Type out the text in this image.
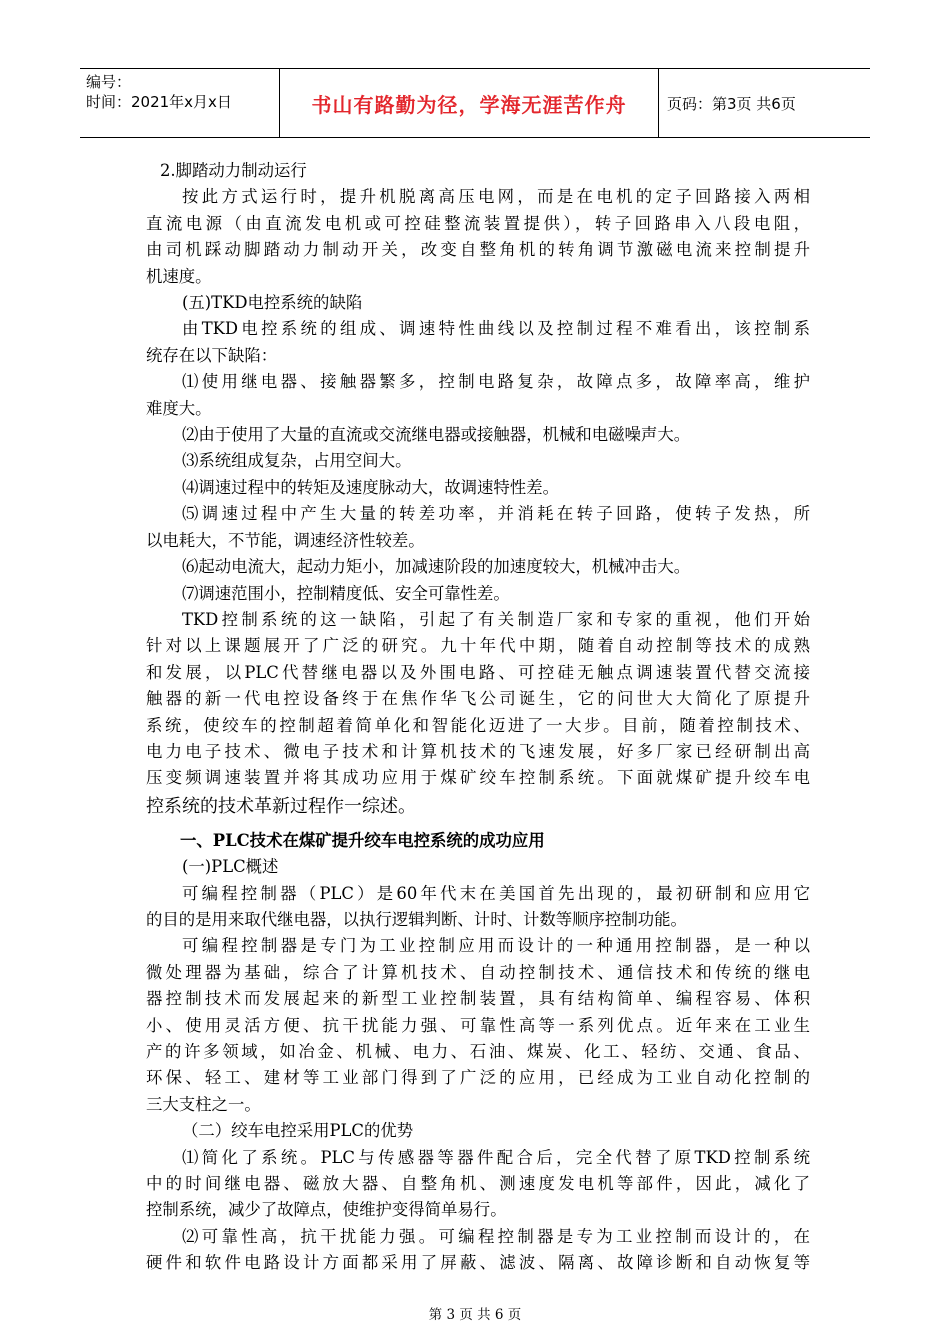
编号：
时间：2021年x月x日	书山有路勤为径，学海无涯苦作舟	页码：第3页 共6页
2.脚踏动力制动运行
按此方式运行时，提升机脱离高压电网，而是在电机的定子回路接入两相
直流电源（由直流发电机或可控硅整流装置提供），转子回路串入八段电阻，
由司机踩动脚踏动力制动开关，改变自整角机的转角调节激磁电流来控制提升
机速度。
(五)TKD电控系统的缺陷
由TKD电控系统的组成、调速特性曲线以及控制过程不难看出，该控制系
统存在以下缺陷：
⑴使用继电器、接触器繁多，控制电路复杂，故障点多，故障率高，维护
难度大。
⑵由于使用了大量的直流或交流继电器或接触器，机械和电磁噪声大。
⑶系统组成复杂，占用空间大。
⑷调速过程中的转矩及速度脉动大，故调速特性差。
⑸调速过程中产生大量的转差功率，并消耗在转子回路，使转子发热，所
以电耗大，不节能，调速经济性较差。
⑹起动电流大，起动力矩小，加减速阶段的加速度较大，机械冲击大。
⑺调速范围小，控制精度低、安全可靠性差。
TKD控制系统的这一缺陷，引起了有关制造厂家和专家的重视，他们开始
针对以上课题展开了广泛的研究。九十年代中期，随着自动控制等技术的成熟
和发展，以PLC代替继电器以及外围电路、可控硅无触点调速装置代替交流接
触器的新一代电控设备终于在焦作华飞公司诞生，它的问世大大简化了原提升
系统，使绞车的控制超着简单化和智能化迈进了一大步。目前，随着控制技术、
电力电子技术、微电子技术和计算机技术的飞速发展，好多厂家已经研制出高
压变频调速装置并将其成功应用于煤矿绞车控制系统。下面就煤矿提升绞车电
控系统的技术革新过程作一综述。
一、PLC技术在煤矿提升绞车电控系统的成功应用
(一)PLC概述
可编程控制器（PLC）是60年代末在美国首先出现的，最初研制和应用它
的目的是用来取代继电器，以执行逻辑判断、计时、计数等顺序控制功能。
可编程控制器是专门为工业控制应用而设计的一种通用控制器，是一种以
微处理器为基础，综合了计算机技术、自动控制技术、通信技术和传统的继电
器控制技术而发展起来的新型工业控制装置，具有结构简单、编程容易、体积
小、使用灵活方便、抗干扰能力强、可靠性高等一系列优点。近年来在工业生
产的许多领域，如冶金、机械、电力、石油、煤炭、化工、轻纺、交通、食品、
环保、轻工、建材等工业部门得到了广泛的应用，已经成为工业自动化控制的
三大支柱之一。
（二）绞车电控采用PLC的优势
⑴简化了系统。PLC与传感器等器件配合后，完全代替了原TKD控制系统
中的时间继电器、磁放大器、自整角机、测速度发电机等部件，因此，减化了
控制系统，减少了故障点，使维护变得简单易行。
⑵可靠性高，抗干扰能力强。可编程控制器是专为工业控制而设计的，在
硬件和软件电路设计方面都采用了屏蔽、滤波、隔离、故障诊断和自动恢复等
第 3 页 共 6 页
